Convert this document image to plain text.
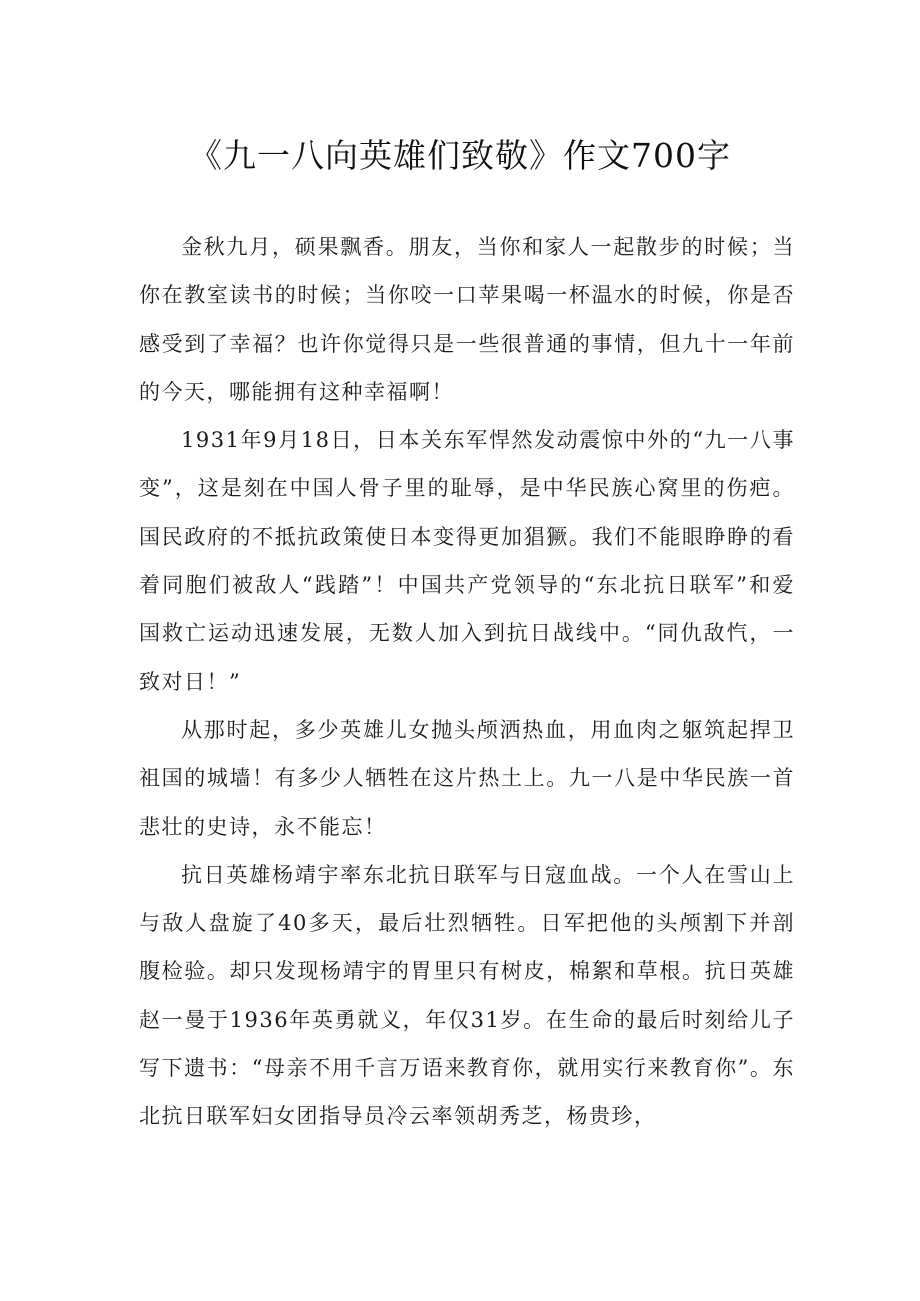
《九一八向英雄们致敬》作文700字

金秋九月，硕果飘香。朋友，当你和家人一起散步的时候；当你在教室读书的时候；当你咬一口苹果喝一杯温水的时候，你是否感受到了幸福？也许你觉得只是一些很普通的事情，但九十一年前的今天，哪能拥有这种幸福啊！

1931年9月18日，日本关东军悍然发动震惊中外的“九一八事变”，这是刻在中国人骨子里的耻辱，是中华民族心窝里的伤疤。国民政府的不抵抗政策使日本变得更加猖獗。我们不能眼睁睁的看着同胞们被敌人“践踏”！中国共产党领导的“东北抗日联军”和爱国救亡运动迅速发展，无数人加入到抗日战线中。“同仇敌忾，一致对日！”

从那时起，多少英雄儿女抛头颅洒热血，用血肉之躯筑起捍卫祖国的城墙！有多少人牺牲在这片热土上。九一八是中华民族一首悲壮的史诗，永不能忘！

抗日英雄杨靖宇率东北抗日联军与日寇血战。一个人在雪山上与敌人盘旋了40多天，最后壮烈牺牲。日军把他的头颅割下并剖腹检验。却只发现杨靖宇的胃里只有树皮，棉絮和草根。抗日英雄赵一曼于1936年英勇就义，年仅31岁。在生命的最后时刻给儿子写下遗书：“母亲不用千言万语来教育你，就用实行来教育你”。东北抗日联军妇女团指导员冷云率领胡秀芝，杨贵珍，
